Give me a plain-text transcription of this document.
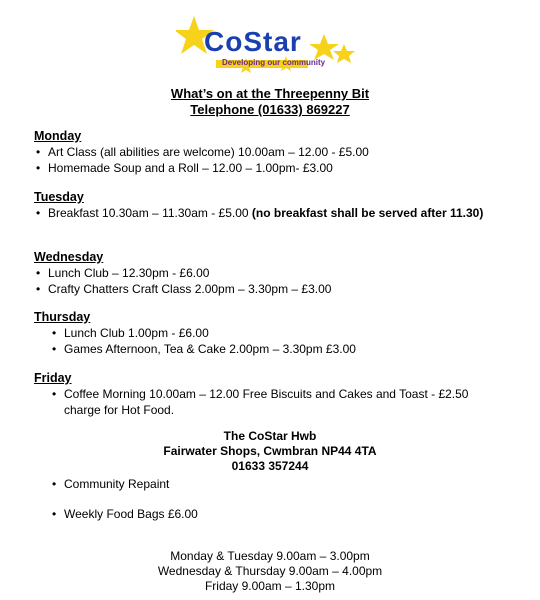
CoStar
Developing our community
What’s on at the Threepenny Bit
Telephone (01633) 869227
Monday
• Art Class (all abilities are welcome) 10.00am – 12.00 - £5.00
• Homemade Soup and a Roll – 12.00 – 1.00pm- £3.00
Tuesday
• Breakfast 10.30am – 11.30am - £5.00 (no breakfast shall be served after 11.30)
Wednesday
• Lunch Club – 12.30pm - £6.00
• Crafty Chatters Craft Class 2.00pm – 3.30pm – £3.00
Thursday
• Lunch Club 1.00pm - £6.00
• Games Afternoon, Tea & Cake 2.00pm – 3.30pm £3.00
Friday
• Coffee Morning 10.00am – 12.00 Free Biscuits and Cakes and Toast - £2.50 charge for Hot Food.
The CoStar Hwb
Fairwater Shops, Cwmbran NP44 4TA
01633 357244
• Community Repaint
• Weekly Food Bags £6.00
Monday & Tuesday 9.00am – 3.00pm
Wednesday & Thursday 9.00am – 4.00pm
Friday 9.00am – 1.30pm
